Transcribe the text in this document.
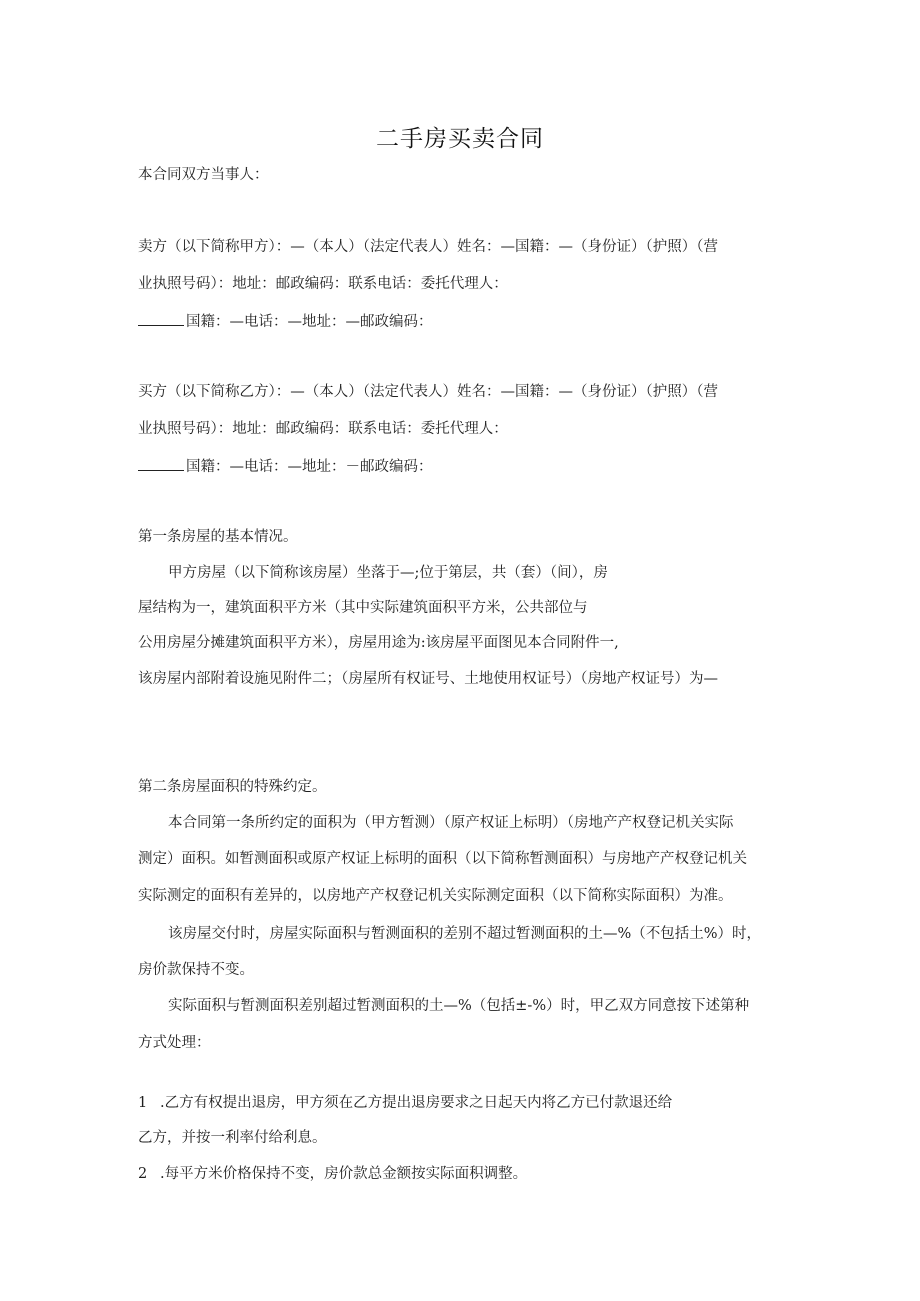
二手房买卖合同
本合同双方当事人：
卖方（以下简称甲方）：—（本人）（法定代表人）姓名：—国籍：—（身份证）（护照）（营
业执照号码）：地址：邮政编码：联系电话：委托代理人：
国籍：—电话：—地址：—邮政编码：
买方（以下简称乙方）：—（本人）（法定代表人）姓名：—国籍：—（身份证）（护照）（营
业执照号码）：地址：邮政编码：联系电话：委托代理人：
国籍：—电话：—地址：－邮政编码：
第一条房屋的基本情况。
甲方房屋（以下简称该房屋）坐落于—;位于第层，共（套）（间），房
屋结构为一，建筑面积平方米（其中实际建筑面积平方米，公共部位与
公用房屋分摊建筑面积平方米），房屋用途为:该房屋平面图见本合同附件一,
该房屋内部附着设施见附件二；（房屋所有权证号、土地使用权证号）（房地产权证号）为—
第二条房屋面积的特殊约定。
本合同第一条所约定的面积为（甲方暂测）（原产权证上标明）（房地产产权登记机关实际
测定）面积。如暂测面积或原产权证上标明的面积（以下简称暂测面积）与房地产产权登记机关
实际测定的面积有差异的，以房地产产权登记机关实际测定面积（以下简称实际面积）为准。
该房屋交付时，房屋实际面积与暂测面积的差别不超过暂测面积的土—%（不包括土%）时，
房价款保持不变。
实际面积与暂测面积差别超过暂测面积的土—%（包括±-%）时，甲乙双方同意按下述第种
方式处理：
1 .乙方有权提出退房，甲方须在乙方提出退房要求之日起天内将乙方已付款退还给
乙方，并按一利率付给利息。
2 .每平方米价格保持不变，房价款总金额按实际面积调整。
